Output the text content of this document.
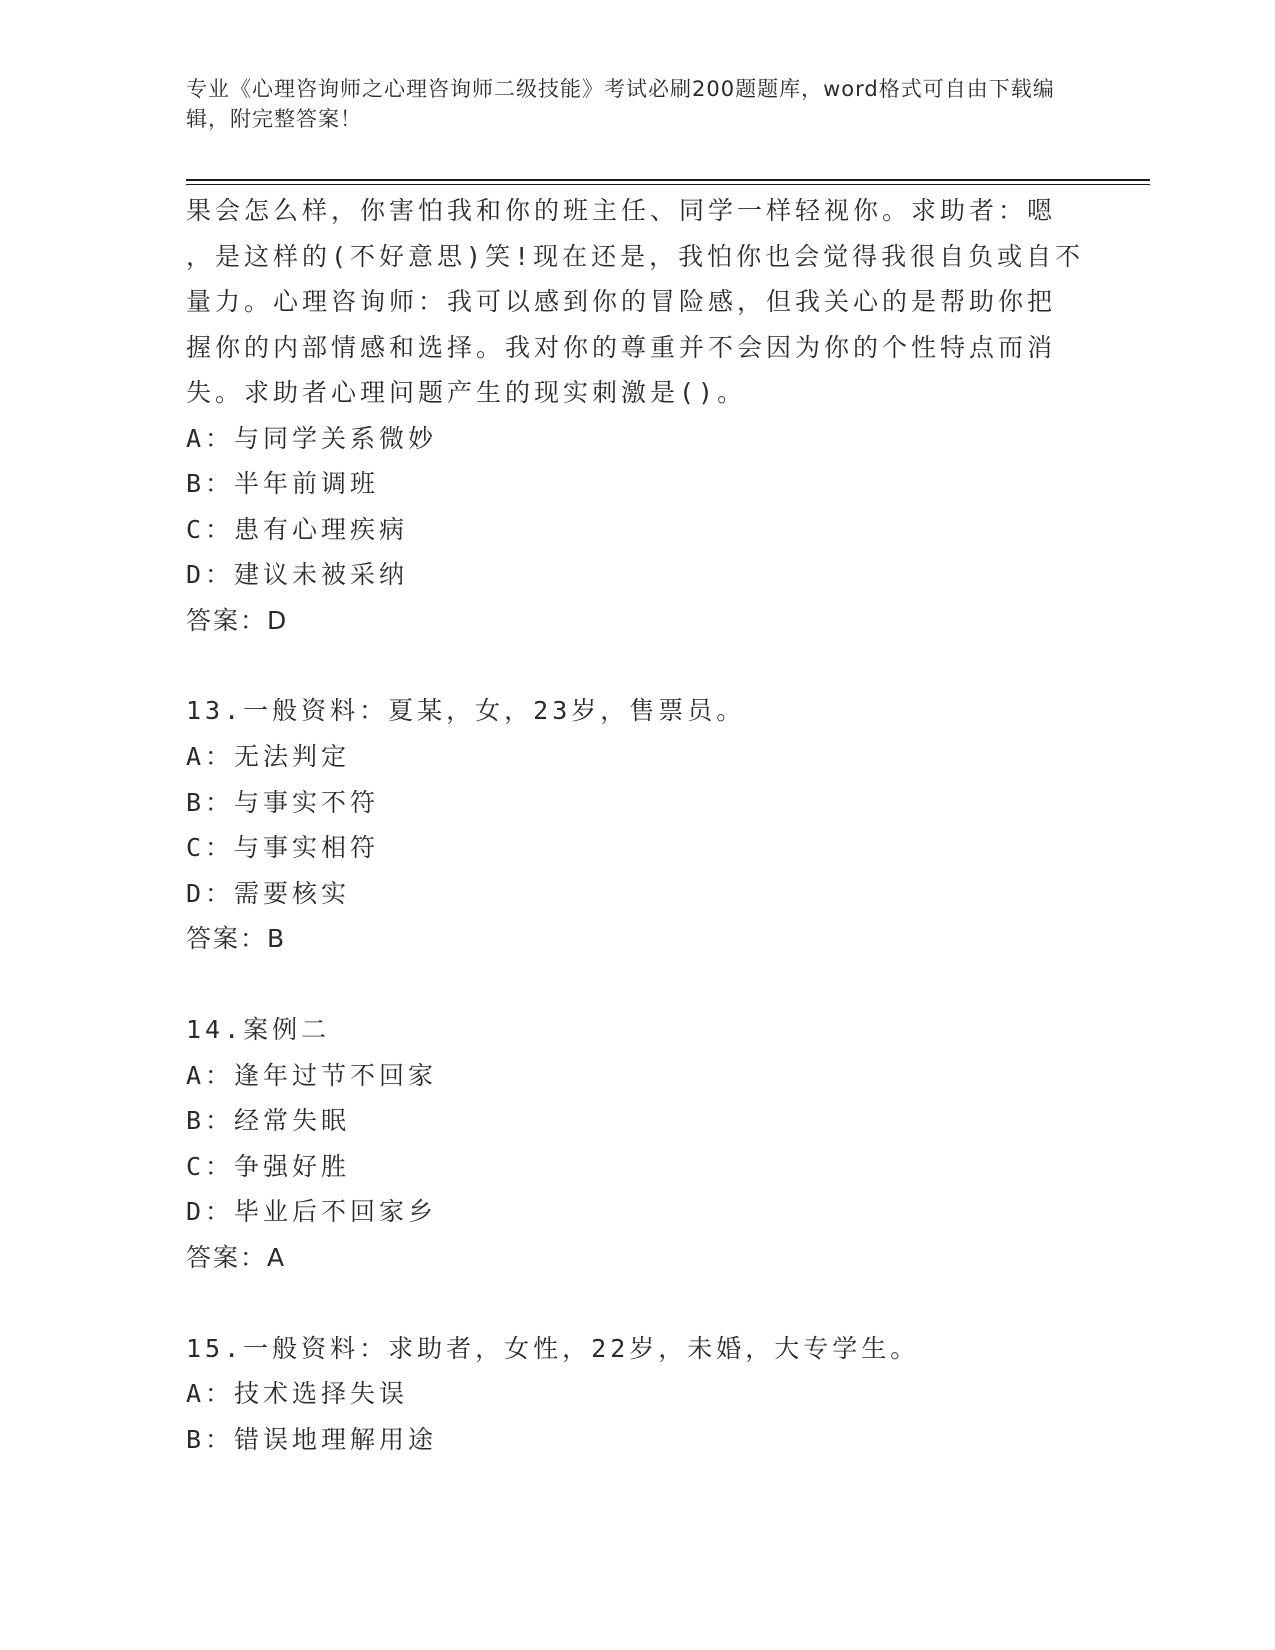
专业《心理咨询师之心理咨询师二级技能》考试必刷200题题库，word格式可自由下载编辑，附完整答案！

果会怎么样，你害怕我和你的班主任、同学一样轻视你。求助者：嗯

，是这样的(不好意思)笑!现在还是，我怕你也会觉得我很自负或自不

量力。心理咨询师：我可以感到你的冒险感，但我关心的是帮助你把

握你的内部情感和选择。我对你的尊重并不会因为你的个性特点而消

失。求助者心理问题产生的现实刺激是()。

A：与同学关系微妙

B：半年前调班

C：患有心理疾病

D：建议未被采纳

答案：D

13.一般资料：夏某，女，23岁，售票员。

A：无法判定

B：与事实不符

C：与事实相符

D：需要核实

答案：B

14.案例二

A：逢年过节不回家

B：经常失眠

C：争强好胜

D：毕业后不回家乡

答案：A

15.一般资料：求助者，女性，22岁，未婚，大专学生。

A：技术选择失误

B：错误地理解用途
